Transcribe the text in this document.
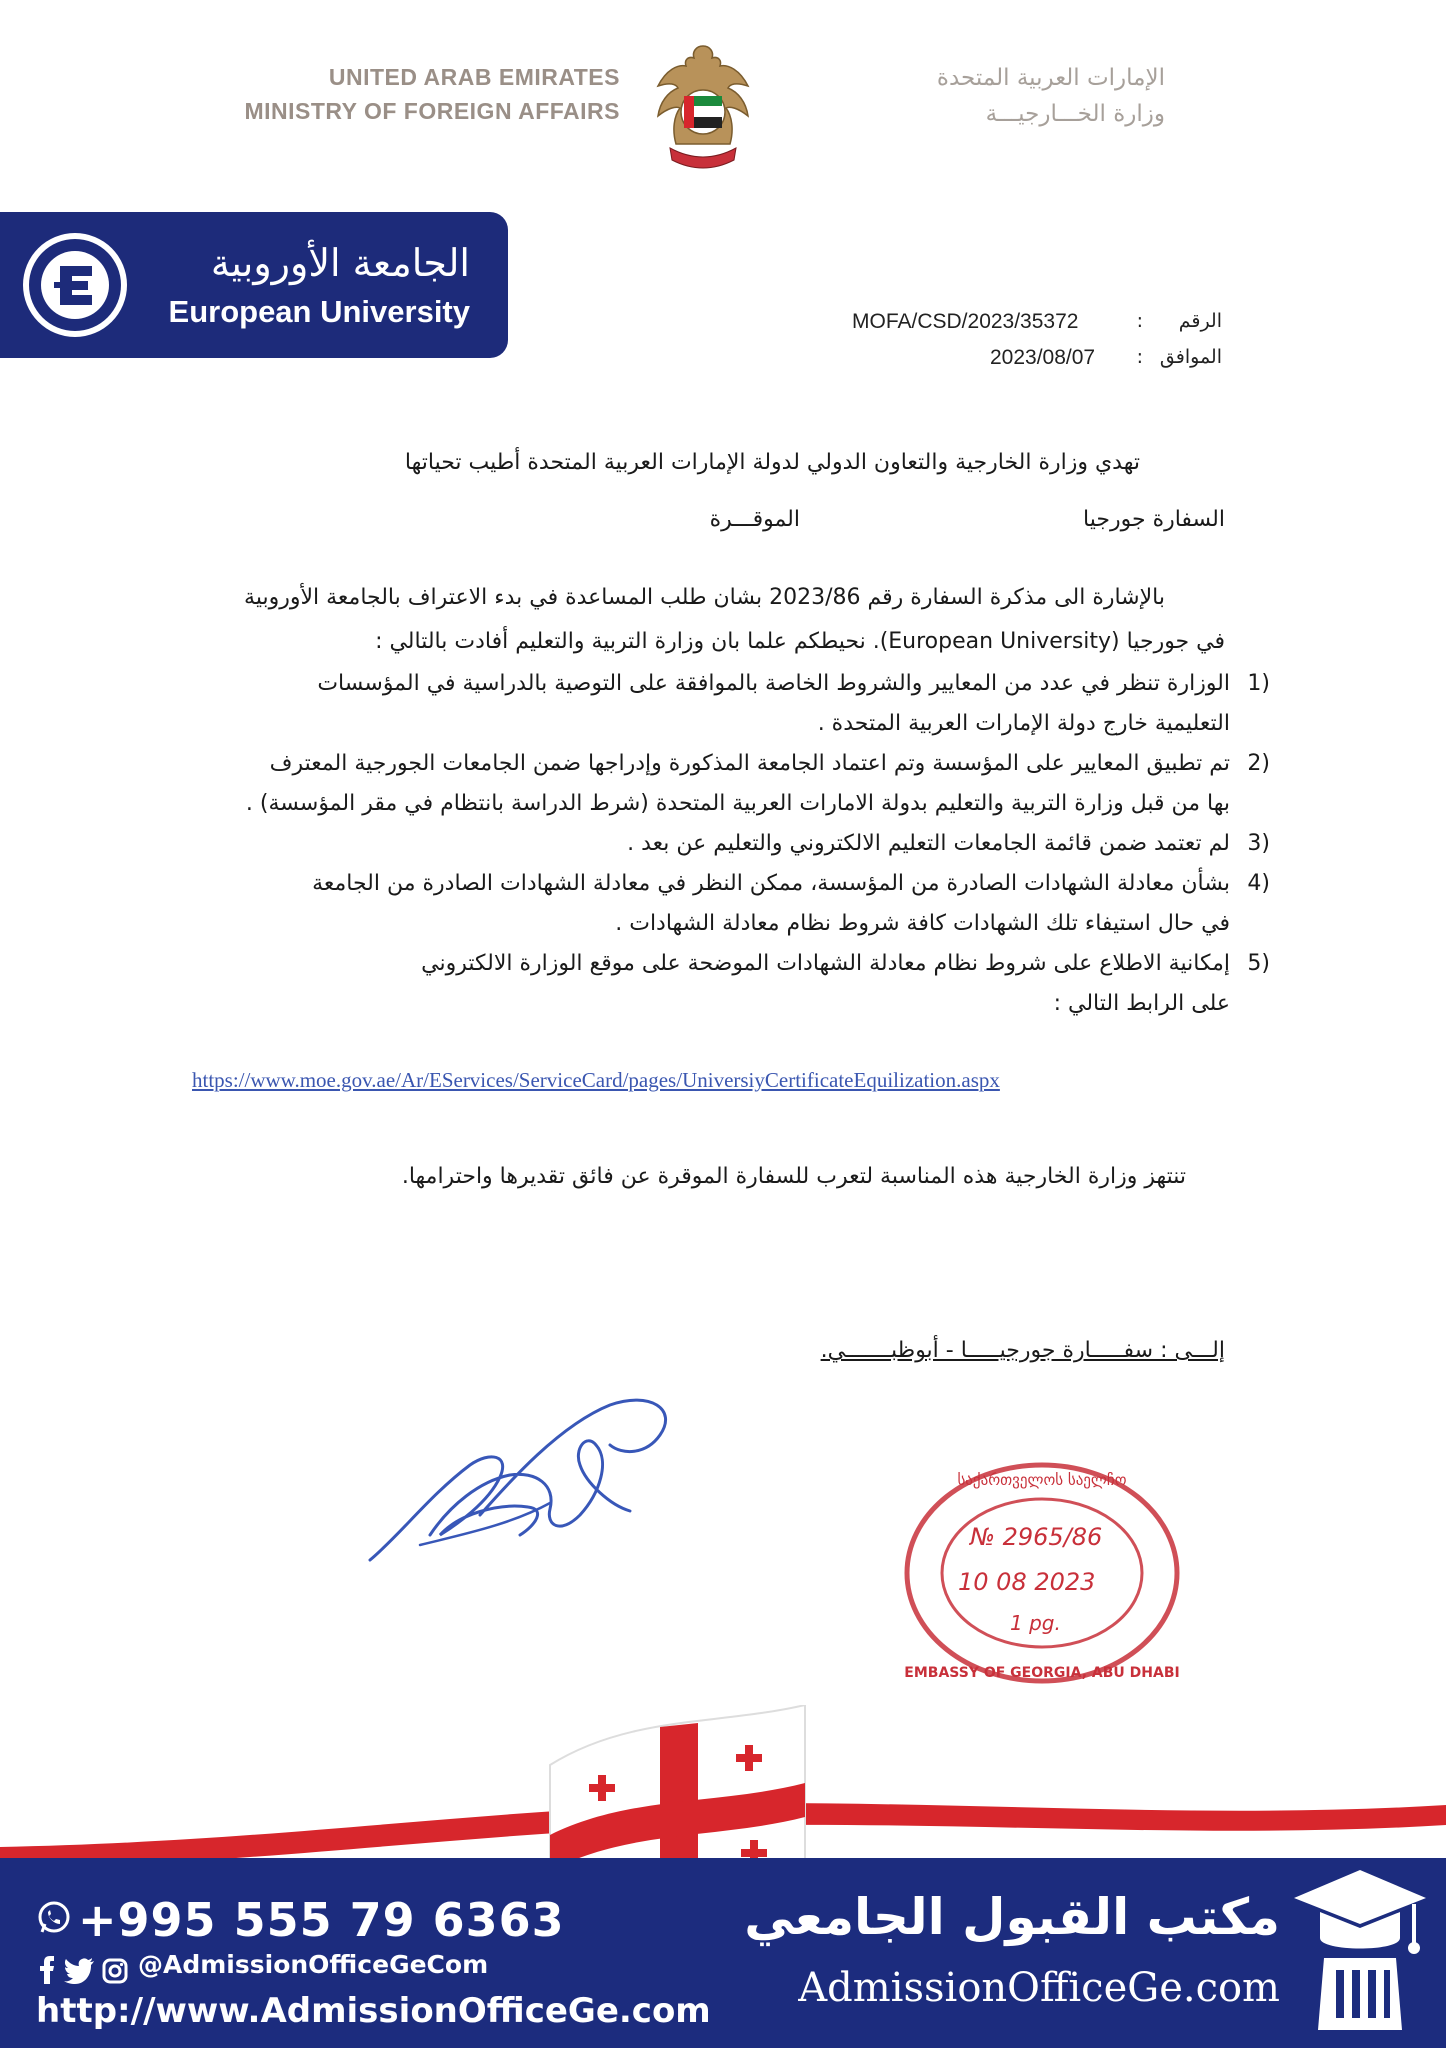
UNITED ARAB EMIRATES
MINISTRY OF FOREIGN AFFAIRS
الإمارات العربية المتحدة
وزارة الخـــارجيـــة
الجامعة الأوروبية
European University	الرقم
:
MOFA/CSD/2023/35372
الموافق
:
2023/08/07
تهدي وزارة الخارجية والتعاون الدولي لدولة الإمارات العربية المتحدة أطيب تحياتها
السفارة جورجيا
الموقـــرة
بالإشارة الى مذكرة السفارة رقم 2023/86 بشان طلب المساعدة في بدء الاعتراف بالجامعة الأوروبية
في جورجيا (European University). نحيطكم علما بان وزارة التربية والتعليم أفادت بالتالي :
1)
الوزارة تنظر في عدد من المعايير والشروط الخاصة بالموافقة على التوصية بالدراسية في المؤسسات
التعليمية خارج دولة الإمارات العربية المتحدة .
2)
تم تطبيق المعايير على المؤسسة وتم اعتماد الجامعة المذكورة وإدراجها ضمن الجامعات الجورجية المعترف
بها من قبل وزارة التربية والتعليم بدولة الامارات العربية المتحدة (شرط الدراسة بانتظام في مقر المؤسسة) .
3)
لم تعتمد ضمن قائمة الجامعات التعليم الالكتروني والتعليم عن بعد .
4)
بشأن معادلة الشهادات الصادرة من المؤسسة، ممكن النظر في معادلة الشهادات الصادرة من الجامعة
في حال استيفاء تلك الشهادات كافة شروط نظام معادلة الشهادات .
5)
إمكانية الاطلاع على شروط نظام معادلة الشهادات الموضحة على موقع الوزارة الالكتروني
على الرابط التالي :
https://www.moe.gov.ae/Ar/EServices/ServiceCard/pages/UniversiyCertificateEquilization.aspx
تنتهز وزارة الخارجية هذه المناسبة لتعرب للسفارة الموقرة عن فائق تقديرها واحترامها.
إلـــى : سفـــــارة جورجيـــــا - أبوظبـــــــي.
საქართველოს საელჩო
EMBASSY OF GEORGIA, ABU DHABI
№ 2965/86
10 08 2023
1 pg.
+995 555 79 6363
@AdmissionOfficeGeCom
http://www.AdmissionOfficeGe.com
مكتب القبول الجامعي
AdmissionOfficeGe.com
